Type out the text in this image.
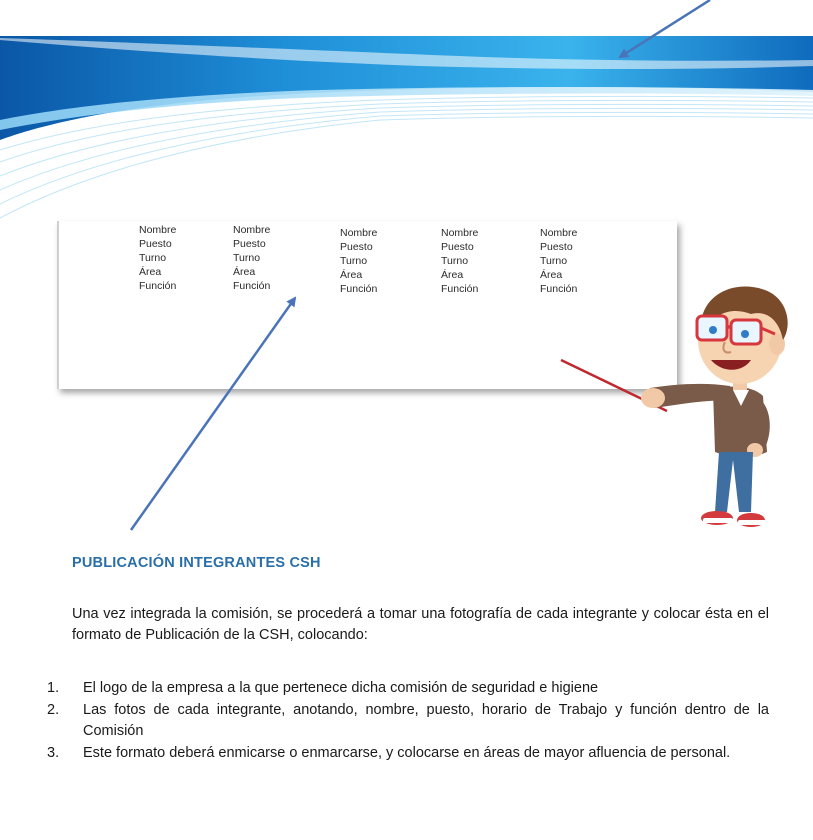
Nombre
Puesto
Turno
Área
Función
Nombre
Puesto
Turno
Área
Función
Nombre
Puesto
Turno
Área
Función
Nombre
Puesto
Turno
Área
Función
Nombre
Puesto
Turno
Área
Función
PUBLICACIÓN INTEGRANTES CSH
Una vez integrada la comisión, se procederá a tomar una fotografía de cada integrante y colocar ésta en el formato de Publicación de la CSH, colocando:
1. El logo de la empresa a la que pertenece dicha comisión de seguridad e higiene
2. Las fotos de cada integrante, anotando, nombre, puesto, horario de Trabajo y función dentro de la Comisión
3. Este formato deberá enmicarse o enmarcarse, y colocarse en áreas de mayor afluencia de personal.
